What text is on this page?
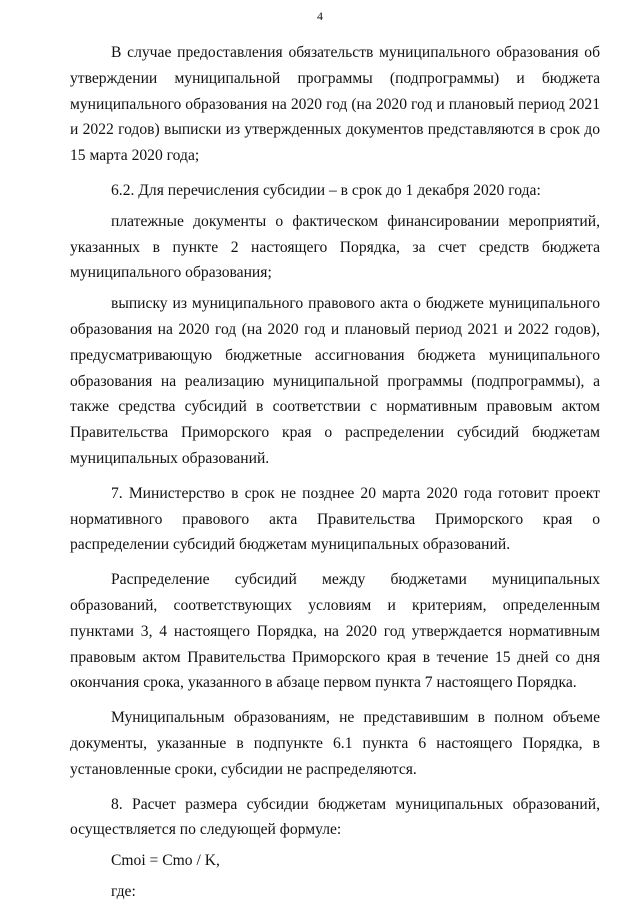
4

В случае предоставления обязательств муниципального образования об утверждении муниципальной программы (подпрограммы) и бюджета муниципального образования на 2020 год (на 2020 год и плановый период 2021 и 2022 годов) выписки из утвержденных документов представляются в срок до 15 марта 2020 года;

6.2. Для перечисления субсидии – в срок до 1 декабря 2020 года:

платежные документы о фактическом финансировании мероприятий, указанных в пункте 2 настоящего Порядка, за счет средств бюджета муниципального образования;

выписку из муниципального правового акта о бюджете муниципального образования на 2020 год (на 2020 год и плановый период 2021 и 2022 годов), предусматривающую бюджетные ассигнования бюджета муниципального образования на реализацию муниципальной программы (подпрограммы), а также средства субсидий в соответствии с нормативным правовым актом Правительства Приморского края о распределении субсидий бюджетам муниципальных образований.

7. Министерство в срок не позднее 20 марта 2020 года готовит проект нормативного правового акта Правительства Приморского края о распределении субсидий бюджетам муниципальных образований.

Распределение субсидий между бюджетами муниципальных образований, соответствующих условиям и критериям, определенным пунктами 3, 4 настоящего Порядка, на 2020 год утверждается нормативным правовым актом Правительства Приморского края в течение 15 дней со дня окончания срока, указанного в абзаце первом пункта 7 настоящего Порядка.

Муниципальным образованиям, не представившим в полном объеме документы, указанные в подпункте 6.1 пункта 6 настоящего Порядка, в установленные сроки, субсидии не распределяются.

8. Расчет размера субсидии бюджетам муниципальных образований, осуществляется по следующей формуле:

Cmoi = Cmo / K,

где:
